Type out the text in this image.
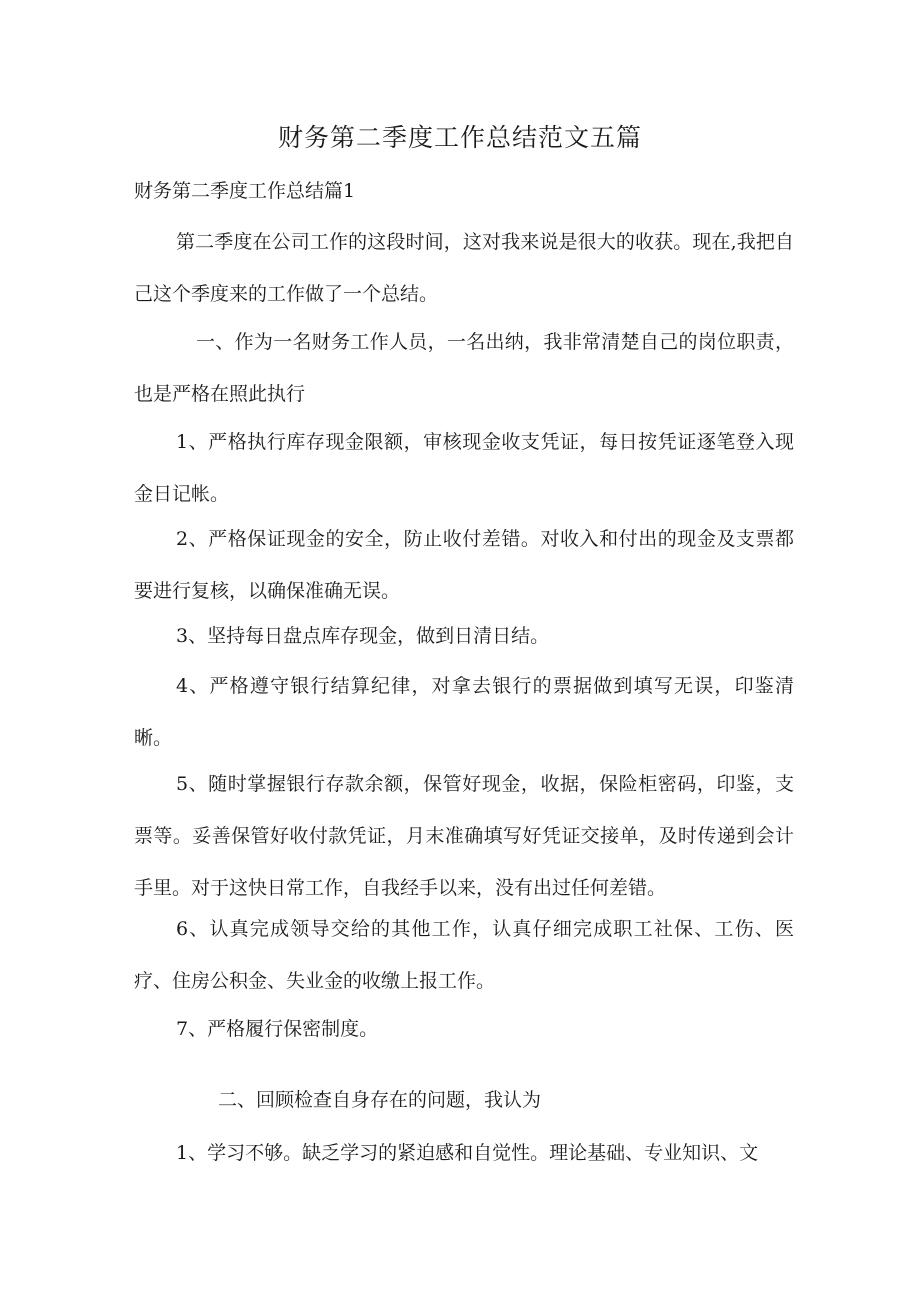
财务第二季度工作总结范文五篇

财务第二季度工作总结篇1

第二季度在公司工作的这段时间，这对我来说是很大的收获。现在,我把自己这个季度来的工作做了一个总结。

一、作为一名财务工作人员，一名出纳，我非常清楚自己的岗位职责，也是严格在照此执行

1、严格执行库存现金限额，审核现金收支凭证，每日按凭证逐笔登入现金日记帐。

2、严格保证现金的安全，防止收付差错。对收入和付出的现金及支票都要进行复核，以确保准确无误。

3、坚持每日盘点库存现金，做到日清日结。

4、严格遵守银行结算纪律，对拿去银行的票据做到填写无误，印鉴清晰。

5、随时掌握银行存款余额，保管好现金，收据，保险柜密码，印鉴，支票等。妥善保管好收付款凭证，月末准确填写好凭证交接单，及时传递到会计手里。对于这快日常工作，自我经手以来，没有出过任何差错。

6、认真完成领导交给的其他工作，认真仔细完成职工社保、工伤、医疗、住房公积金、失业金的收缴上报工作。

7、严格履行保密制度。

二、回顾检查自身存在的问题，我认为

1、学习不够。缺乏学习的紧迫感和自觉性。理论基础、专业知识、文
